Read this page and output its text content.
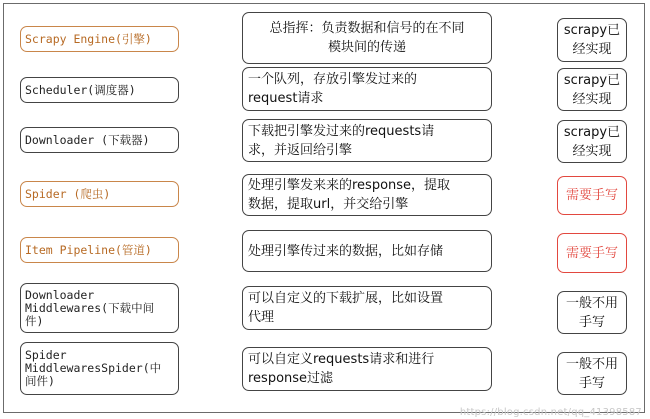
Scrapy Engine(引擎)
总指挥：负责数据和信号的在不同
模块间的传递
scrapy已
经实现
Scheduler(调度器)
一个队列，存放引擎发过来的
request请求
scrapy已
经实现
Downloader (下载器)
下载把引擎发过来的requests请
求，并返回给引擎
scrapy已
经实现
Spider (爬虫)
处理引擎发来来的response，提取
数据，提取url，并交给引擎
需要手写
Item Pipeline(管道)	处理引擎传过来的数据，比如存储	需要手写
Downloader
Middlewares(下载中间
件)
可以自定义的下载扩展，比如设置
代理
一般不用
手写
Spider
MiddlewaresSpider(中
间件)
可以自定义requests请求和进行
response过滤
一般不用
手写
https://blog.csdn.net/qq_41398587
